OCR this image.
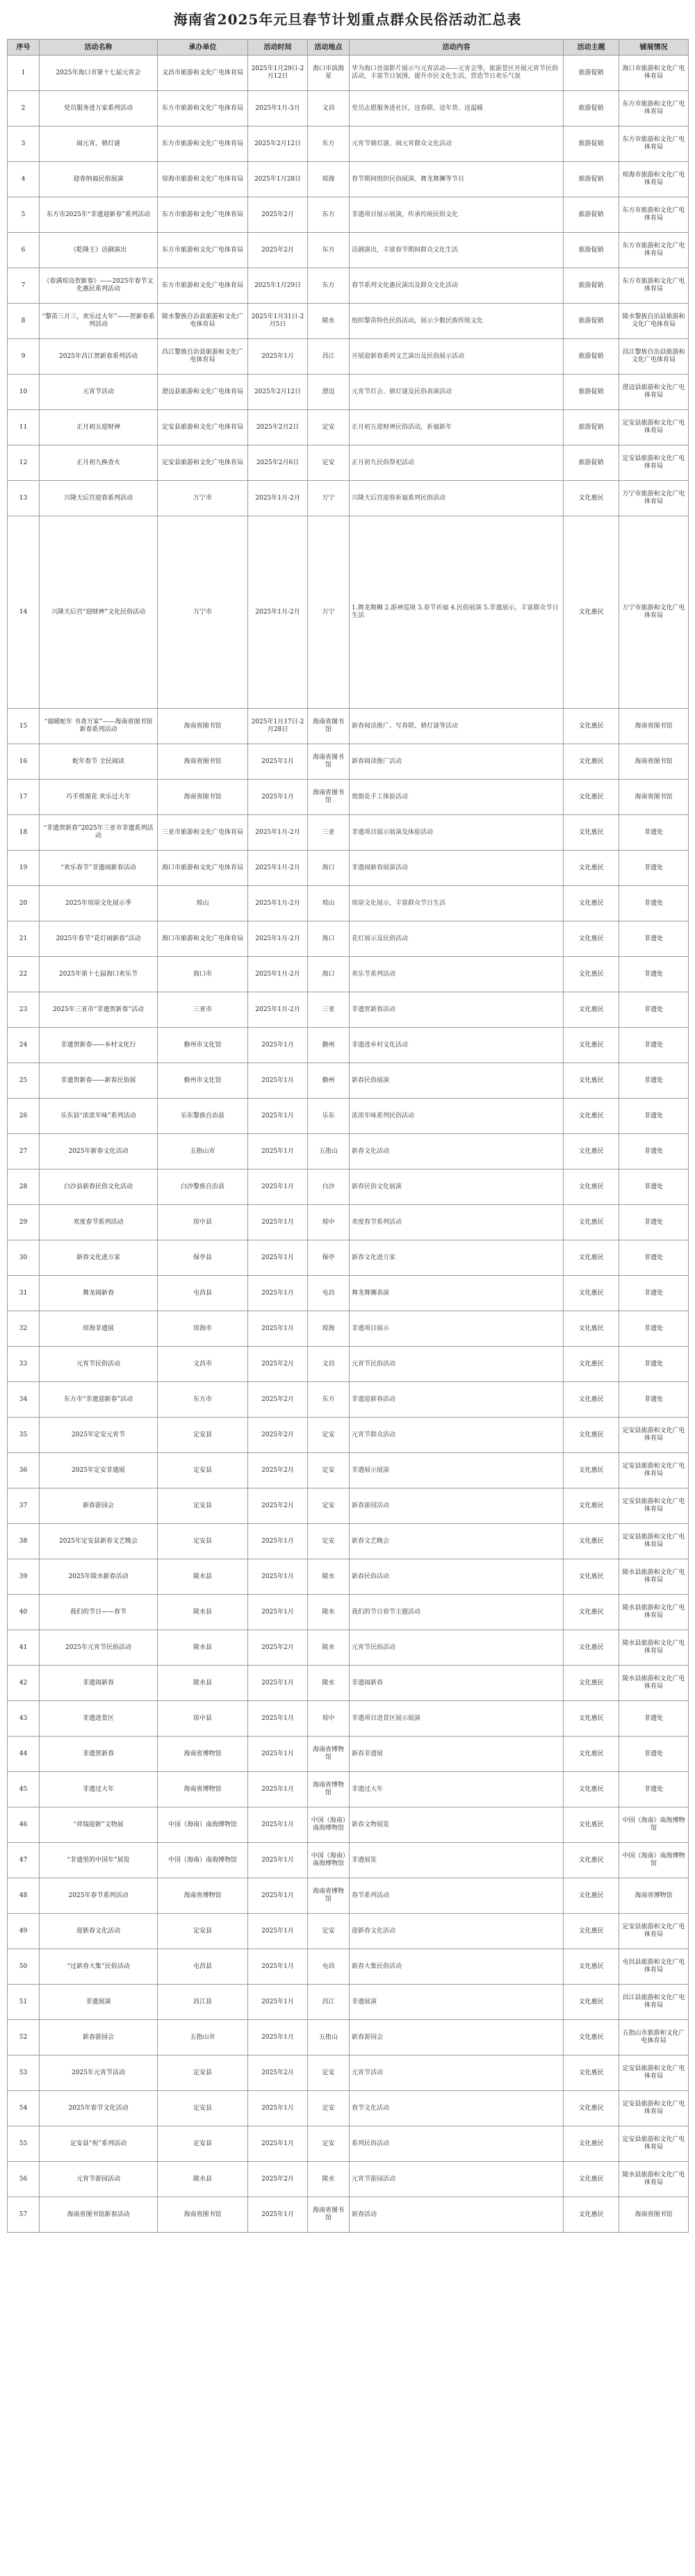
海南省2025年元旦春节计划重点群众民俗活动汇总表
序号	活动名称	承办单位	活动时间	活动地点	活动内容	活动主题	铺展情况
1	2025年海口市第十七届元宵会	文昌市旅游和文化广电体育局	2025年1月29日-2月12日	海口市滨海星	华为海口首部影片展示与元宵活动——元宵会等，旅游景区开展元宵节民俗活动，丰富节日氛围，提升市民文化生活，营造节日欢乐气氛	旅游促销	海口市旅游和文化广电体育局
2	党员服务进万家系列活动	东方市旅游和文化广电体育局	2025年1月-3月	文昌	党员志愿服务进社区，送春联、送年货、送温暖	旅游促销	东方市旅游和文化广电体育局
3	闹元宵，猜灯谜	东方市旅游和文化广电体育局	2025年2月12日	东方	元宵节猜灯谜、闹元宵群众文化活动	旅游促销	东方市旅游和文化广电体育局
4	迎春纳福民俗展演	琼海市旅游和文化广电体育局	2025年1月28日	琼海	春节期间组织民俗展演、舞龙舞狮等节目	旅游促销	琼海市旅游和文化广电体育局
5	东方市2025年“非遗迎新春”系列活动	东方市旅游和文化广电体育局	2025年2月	东方	非遗项目展示展演，传承传统民俗文化	旅游促销	东方市旅游和文化广电体育局
6	《乾隆王》话剧演出	东方市旅游和文化广电体育局	2025年2月	东方	话剧演出，丰富春节期间群众文化生活	旅游促销	东方市旅游和文化广电体育局
7	《春满琼岛贺新春》——2025年春节文化惠民系列活动	东方市旅游和文化广电体育局	2025年1月29日	东方	春节系列文化惠民演出及群众文化活动	旅游促销	东方市旅游和文化广电体育局
8	“黎苗三月三，欢乐过大年”——贺新春系列活动	陵水黎族自治县旅游和文化广电体育局	2025年1月31日-2月5日	陵水	组织黎苗特色民俗活动，展示少数民族传统文化	旅游促销	陵水黎族自治县旅游和文化广电体育局
9	2025年昌江贺新春系列活动	昌江黎族自治县旅游和文化广电体育局	2025年1月	昌江	开展迎新春系列文艺演出及民俗展示活动	旅游促销	昌江黎族自治县旅游和文化广电体育局
10	元宵节活动	澄迈县旅游和文化广电体育局	2025年2月12日	澄迈	元宵节灯会、猜灯谜及民俗表演活动	旅游促销	澄迈县旅游和文化广电体育局
11	正月初五迎财神	定安县旅游和文化广电体育局	2025年2月2日	定安	正月初五迎财神民俗活动，祈福新年	旅游促销	定安县旅游和文化广电体育局
12	正月初九换香火	定安县旅游和文化广电体育局	2025年2月6日	定安	正月初九民俗祭祀活动	旅游促销	定安县旅游和文化广电体育局
13	兴隆天后宫迎春系列活动	万宁市	2025年1月-2月	万宁	兴隆天后宫迎春祈福系列民俗活动	文化惠民	万宁市旅游和文化广电体育局
14	兴隆天后宫“迎财神”文化民俗活动	万宁市	2025年1月-2月	万宁	1.舞龙舞狮 2.游神巡境 3.春节祈福 4.民俗展演 5.非遗展示，丰富群众节日生活	文化惠民	万宁市旅游和文化广电体育局
15	“福暖蛇年 书香万家”——海南省图书馆新春系列活动	海南省图书馆	2025年1月17日-2月28日	海南省图书馆	新春阅读推广、写春联、猜灯谜等活动	文化惠民	海南省图书馆
16	蛇年春节 全民阅读	海南省图书馆	2025年1月	海南省图书馆	新春阅读推广活动	文化惠民	海南省图书馆
17	巧手剪窗花 欢乐过大年	海南省图书馆	2025年1月	海南省图书馆	剪窗花手工体验活动	文化惠民	海南省图书馆
18	“非遗贺新春”2025年三亚市非遗系列活动	三亚市旅游和文化广电体育局	2025年1月-2月	三亚	非遗项目展示展演及体验活动	文化惠民	非遗处
19	“欢乐春节”非遗闹新春活动	海口市旅游和文化广电体育局	2025年1月-2月	海口	非遗闹新春展演活动	文化惠民	非遗处
20	2025年琼崖文化展示季	琼山	2025年1月-2月	琼山	琼崖文化展示，丰富群众节日生活	文化惠民	非遗处
21	2025年春节“花灯闹新春”活动	海口市旅游和文化广电体育局	2025年1月-2月	海口	花灯展示及民俗活动	文化惠民	非遗处
22	2025年第十七届海口欢乐节	海口市	2025年1月-2月	海口	欢乐节系列活动	文化惠民	非遗处
23	2025年三亚市“非遗贺新春”活动	三亚市	2025年1月-2月	三亚	非遗贺新春活动	文化惠民	非遗处
24	非遗贺新春——乡村文化行	儋州市文化馆	2025年1月	儋州	非遗进乡村文化活动	文化惠民	非遗处
25	非遗贺新春——新春民俗展	儋州市文化馆	2025年1月	儋州	新春民俗展演	文化惠民	非遗处
26	乐东县“浓浓年味”系列活动	乐东黎族自治县	2025年1月	乐东	浓浓年味系列民俗活动	文化惠民	非遗处
27	2025年新春文化活动	五指山市	2025年1月	五指山	新春文化活动	文化惠民	非遗处
28	白沙县新春民俗文化活动	白沙黎族自治县	2025年1月	白沙	新春民俗文化展演	文化惠民	非遗处
29	欢度春节系列活动	琼中县	2025年1月	琼中	欢度春节系列活动	文化惠民	非遗处
30	新春文化进万家	保亭县	2025年1月	保亭	新春文化进万家	文化惠民	非遗处
31	舞龙闹新春	屯昌县	2025年1月	屯昌	舞龙舞狮表演	文化惠民	非遗处
32	琼海非遗展	琼海市	2025年1月	琼海	非遗项目展示	文化惠民	非遗处
33	元宵节民俗活动	文昌市	2025年2月	文昌	元宵节民俗活动	文化惠民	非遗处
34	东方市“非遗迎新春”活动	东方市	2025年2月	东方	非遗迎新春活动	文化惠民	非遗处
35	2025年定安元宵节	定安县	2025年2月	定安	元宵节群众活动	文化惠民	定安县旅游和文化广电体育局
36	2025年定安非遗展	定安县	2025年2月	定安	非遗展示展演	文化惠民	定安县旅游和文化广电体育局
37	新春游园会	定安县	2025年2月	定安	新春游园活动	文化惠民	定安县旅游和文化广电体育局
38	2025年定安县新春文艺晚会	定安县	2025年1月	定安	新春文艺晚会	文化惠民	定安县旅游和文化广电体育局
39	2025年陵水新春活动	陵水县	2025年1月	陵水	新春民俗活动	文化惠民	陵水县旅游和文化广电体育局
40	我们的节日——春节	陵水县	2025年1月	陵水	我们的节日春节主题活动	文化惠民	陵水县旅游和文化广电体育局
41	2025年元宵节民俗活动	陵水县	2025年2月	陵水	元宵节民俗活动	文化惠民	陵水县旅游和文化广电体育局
42	非遗闹新春	陵水县	2025年1月	陵水	非遗闹新春	文化惠民	陵水县旅游和文化广电体育局
43	非遗进景区	琼中县	2025年1月	琼中	非遗项目进景区展示展演	文化惠民	非遗处
44	非遗贺新春	海南省博物馆	2025年1月	海南省博物馆	新春非遗展	文化惠民	非遗处
45	非遗过大年	海南省博物馆	2025年1月	海南省博物馆	非遗过大年	文化惠民	非遗处
46	“祥瑞迎新”文物展	中国（海南）南海博物馆	2025年1月	中国（海南）南海博物馆	新春文物展览	文化惠民	中国（海南）南海博物馆
47	“非遗里的中国年”展览	中国（海南）南海博物馆	2025年1月	中国（海南）南海博物馆	非遗展览	文化惠民	中国（海南）南海博物馆
48	2025年春节系列活动	海南省博物馆	2025年1月	海南省博物馆	春节系列活动	文化惠民	海南省博物馆
49	迎新春文化活动	定安县	2025年1月	定安	迎新春文化活动	文化惠民	定安县旅游和文化广电体育局
50	“过新春大集”民俗活动	屯昌县	2025年1月	屯昌	新春大集民俗活动	文化惠民	屯昌县旅游和文化广电体育局
51	非遗展演	昌江县	2025年1月	昌江	非遗展演	文化惠民	昌江县旅游和文化广电体育局
52	新春游园会	五指山市	2025年1月	五指山	新春游园会	文化惠民	五指山市旅游和文化广电体育局
53	2025年元宵节活动	定安县	2025年2月	定安	元宵节活动	文化惠民	定安县旅游和文化广电体育局
54	2025年春节文化活动	定安县	2025年1月	定安	春节文化活动	文化惠民	定安县旅游和文化广电体育局
55	定安县“祝”系列活动	定安县	2025年1月	定安	系列民俗活动	文化惠民	定安县旅游和文化广电体育局
56	元宵节游园活动	陵水县	2025年2月	陵水	元宵节游园活动	文化惠民	陵水县旅游和文化广电体育局
57	海南省图书馆新春活动	海南省图书馆	2025年1月	海南省图书馆	新春活动	文化惠民	海南省图书馆
